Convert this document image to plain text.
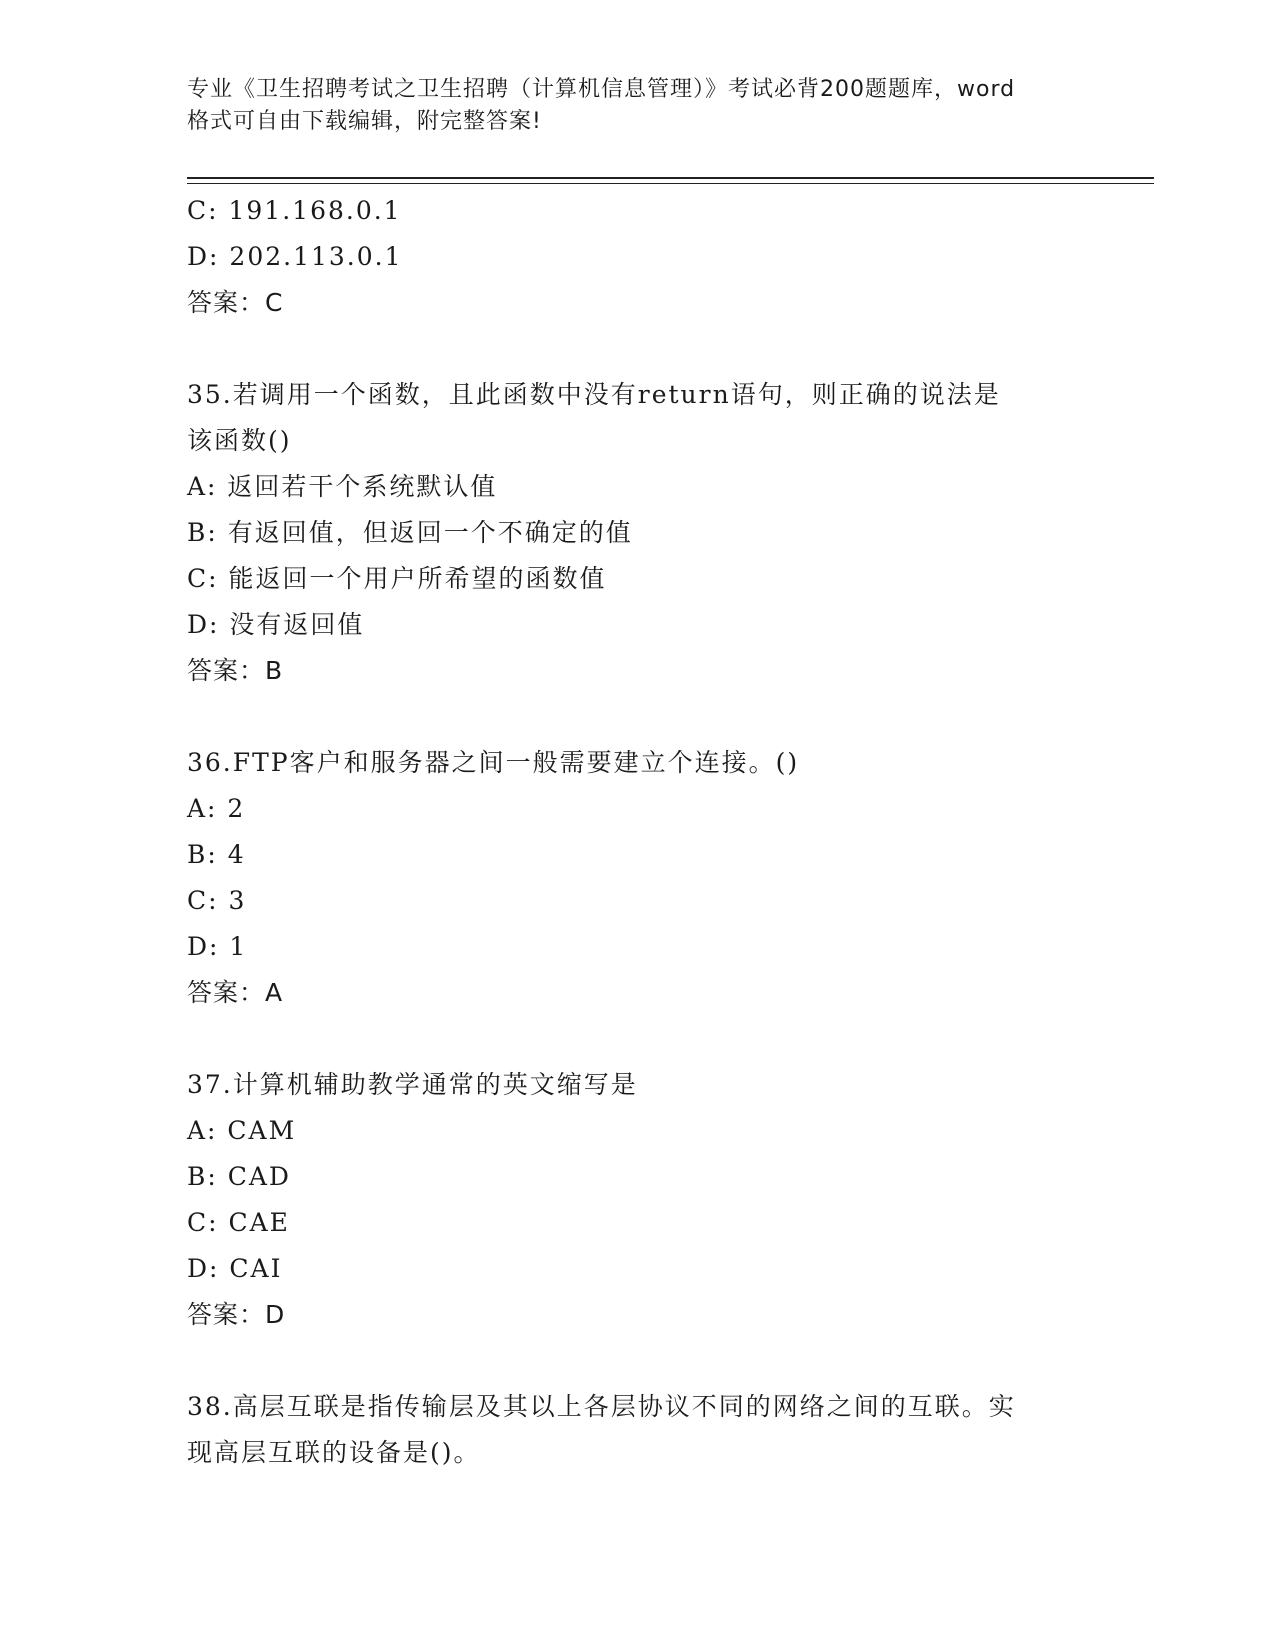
专业《卫生招聘考试之卫生招聘（计算机信息管理）》考试必背200题题库，word
格式可自由下载编辑，附完整答案!
C: 191.168.0.1
D: 202.113.0.1
答案：C
35.若调用一个函数，且此函数中没有return语句，则正确的说法是
该函数()
A: 返回若干个系统默认值
B: 有返回值，但返回一个不确定的值
C: 能返回一个用户所希望的函数值
D: 没有返回值
答案：B
36.FTP客户和服务器之间一般需要建立个连接。()
A: 2
B: 4
C: 3
D: 1
答案：A
37.计算机辅助教学通常的英文缩写是
A: CAM
B: CAD
C: CAE
D: CAI
答案：D
38.高层互联是指传输层及其以上各层协议不同的网络之间的互联。实
现高层互联的设备是()。
